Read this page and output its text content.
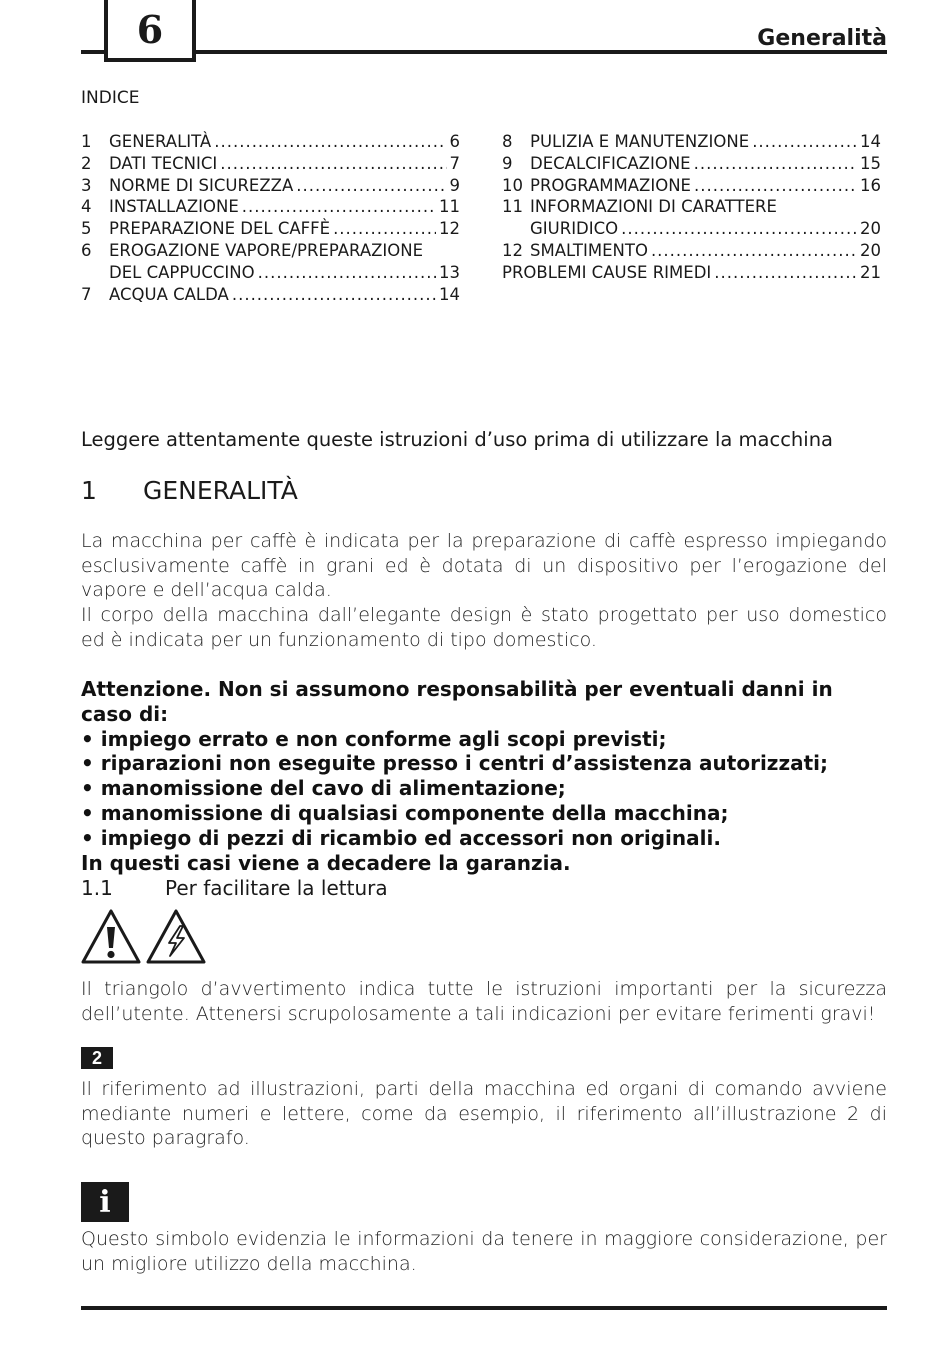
6	Generalità
INDICE
1	GENERALITÀ .....	6
2	DATI TECNICI .....	7
3	NORME DI SICUREZZA .....	9
4	INSTALLAZIONE .....	11
5	PREPARAZIONE DEL CAFFÈ .....	12
6	EROGAZIONE VAPORE/PREPARAZIONE
DEL CAPPUCCINO .....	13
7	ACQUA CALDA .....	14
8	PULIZIA E MANUTENZIONE .....	14
9	DECALCIFICAZIONE .....	15
10 PROGRAMMAZIONE .....	16
11 INFORMAZIONI DI CARATTERE
GIURIDICO .....	20
12 SMALTIMENTO .....	20
PROBLEMI CAUSE RIMEDI .....	21
Leggere attentamente queste istruzioni d’uso prima di utilizzare la macchina
1 GENERALITÀ
La macchina per caffè è indicata per la preparazione di caffè espresso impiegando esclusivamente caffè in grani ed è dotata di un dispositivo per l’erogazione del vapore e dell’acqua calda.
Il corpo della macchina dall’elegante design è stato progettato per uso domestico ed è indicata per un funzionamento di tipo domestico.
Attenzione. Non si assumono responsabilità per eventuali danni in caso di:
• impiego errato e non conforme agli scopi previsti;
• riparazioni non eseguite presso i centri d’assistenza autorizzati;
• manomissione del cavo di alimentazione;
• manomissione di qualsiasi componente della macchina;
• impiego di pezzi di ricambio ed accessori non originali.
In questi casi viene a decadere la garanzia.
1.1	Per facilitare la lettura
Il triangolo d’avvertimento indica tutte le istruzioni importanti per la sicurezza dell’utente. Attenersi scrupolosamente a tali indicazioni per evitare ferimenti gravi!
2
Il riferimento ad illustrazioni, parti della macchina ed organi di comando avviene mediante numeri e lettere, come da esempio, il riferimento all’illustrazione 2 di questo paragrafo.
i
Questo simbolo evidenzia le informazioni da tenere in maggiore considerazione, per un migliore utilizzo della macchina.
